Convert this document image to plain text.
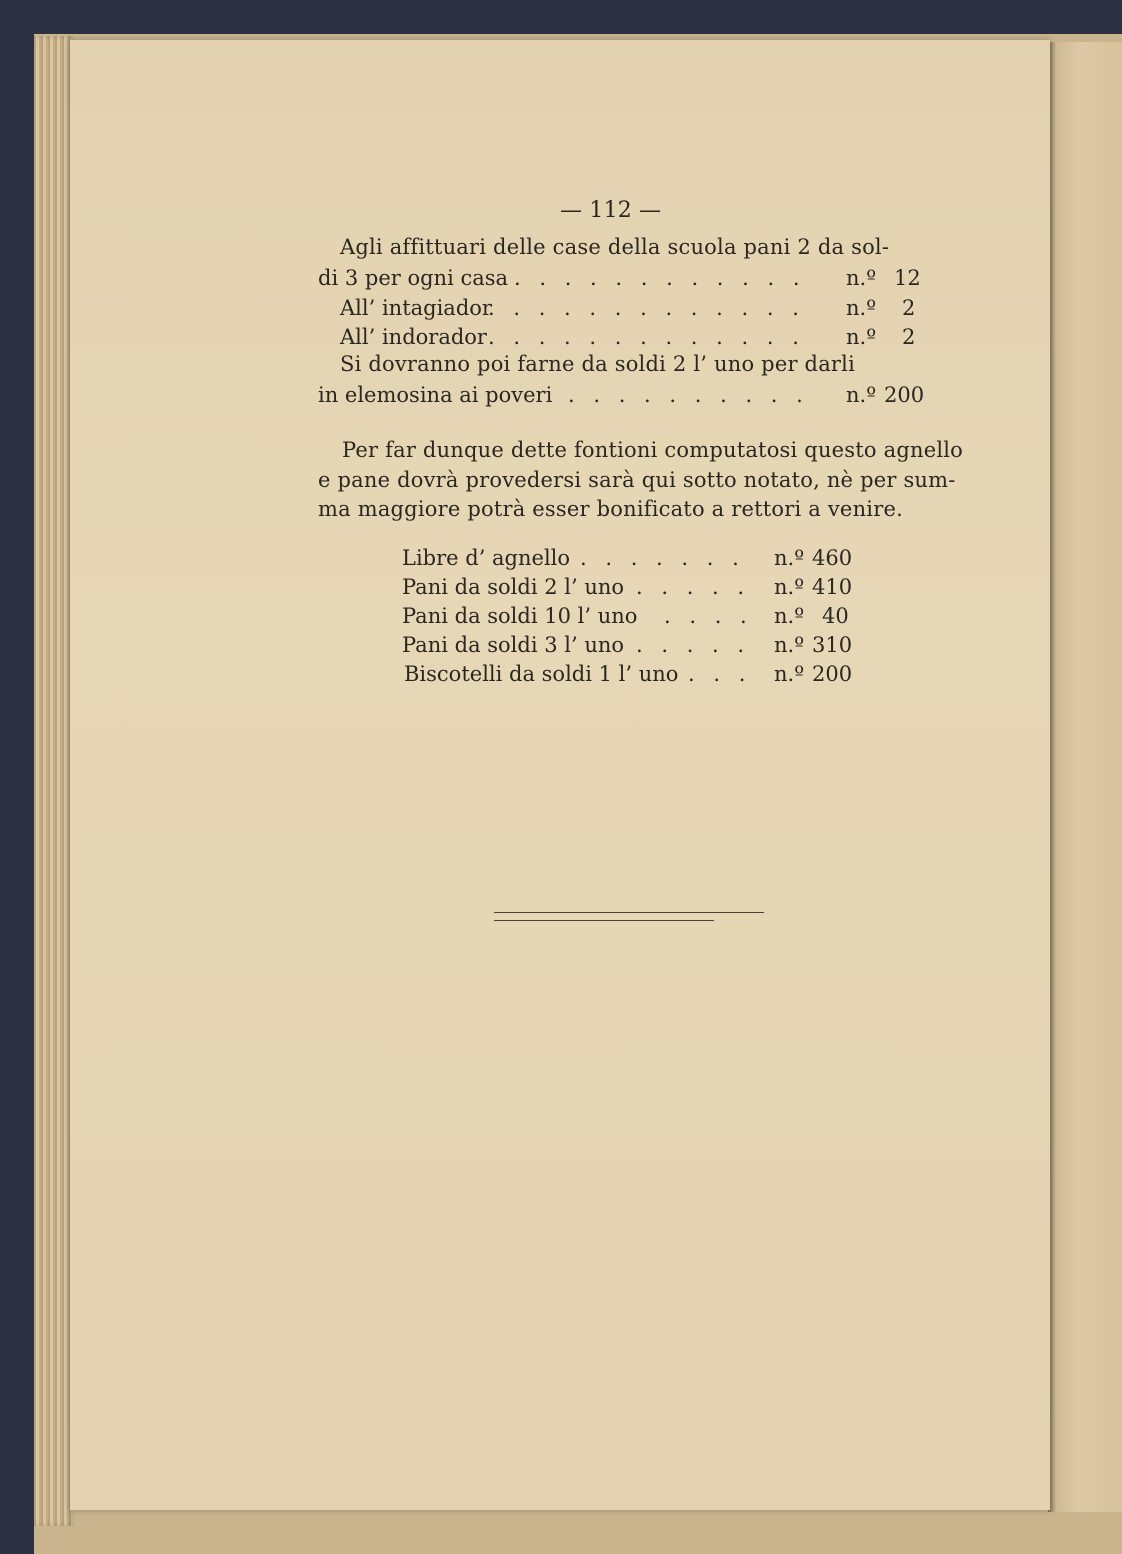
— 112 —
Agli affittuari delle case della scuola pani 2 da sol-
di 3 per ogni casa . . . . . . . . . . . . n.º 12
All’ intagiador
. . . . . . . . . . . . . n.º 2
All’ indorador . . . . . . . . . . . . . n.º 2
Si dovranno poi farne da soldi 2 l’ uno per darli
in elemosina ai poveri . . . . . . . . . . n.º 200
Per far dunque dette fontioni computatosi questo agnello
e pane dovrà provedersi sarà qui sotto notato, nè per sum-
ma maggiore potrà esser bonificato a rettori a venire.
Libre d’ agnello . . . . . . . n.º 460
Pani da soldi 2 l’ uno . . . . . n.º 410
Pani da soldi 10 l’ uno . . . . n.º 40
Pani da soldi 3 l’ uno . . . . . n.º 310
Biscotelli da soldi 1 l’ uno . . . n.º 200
